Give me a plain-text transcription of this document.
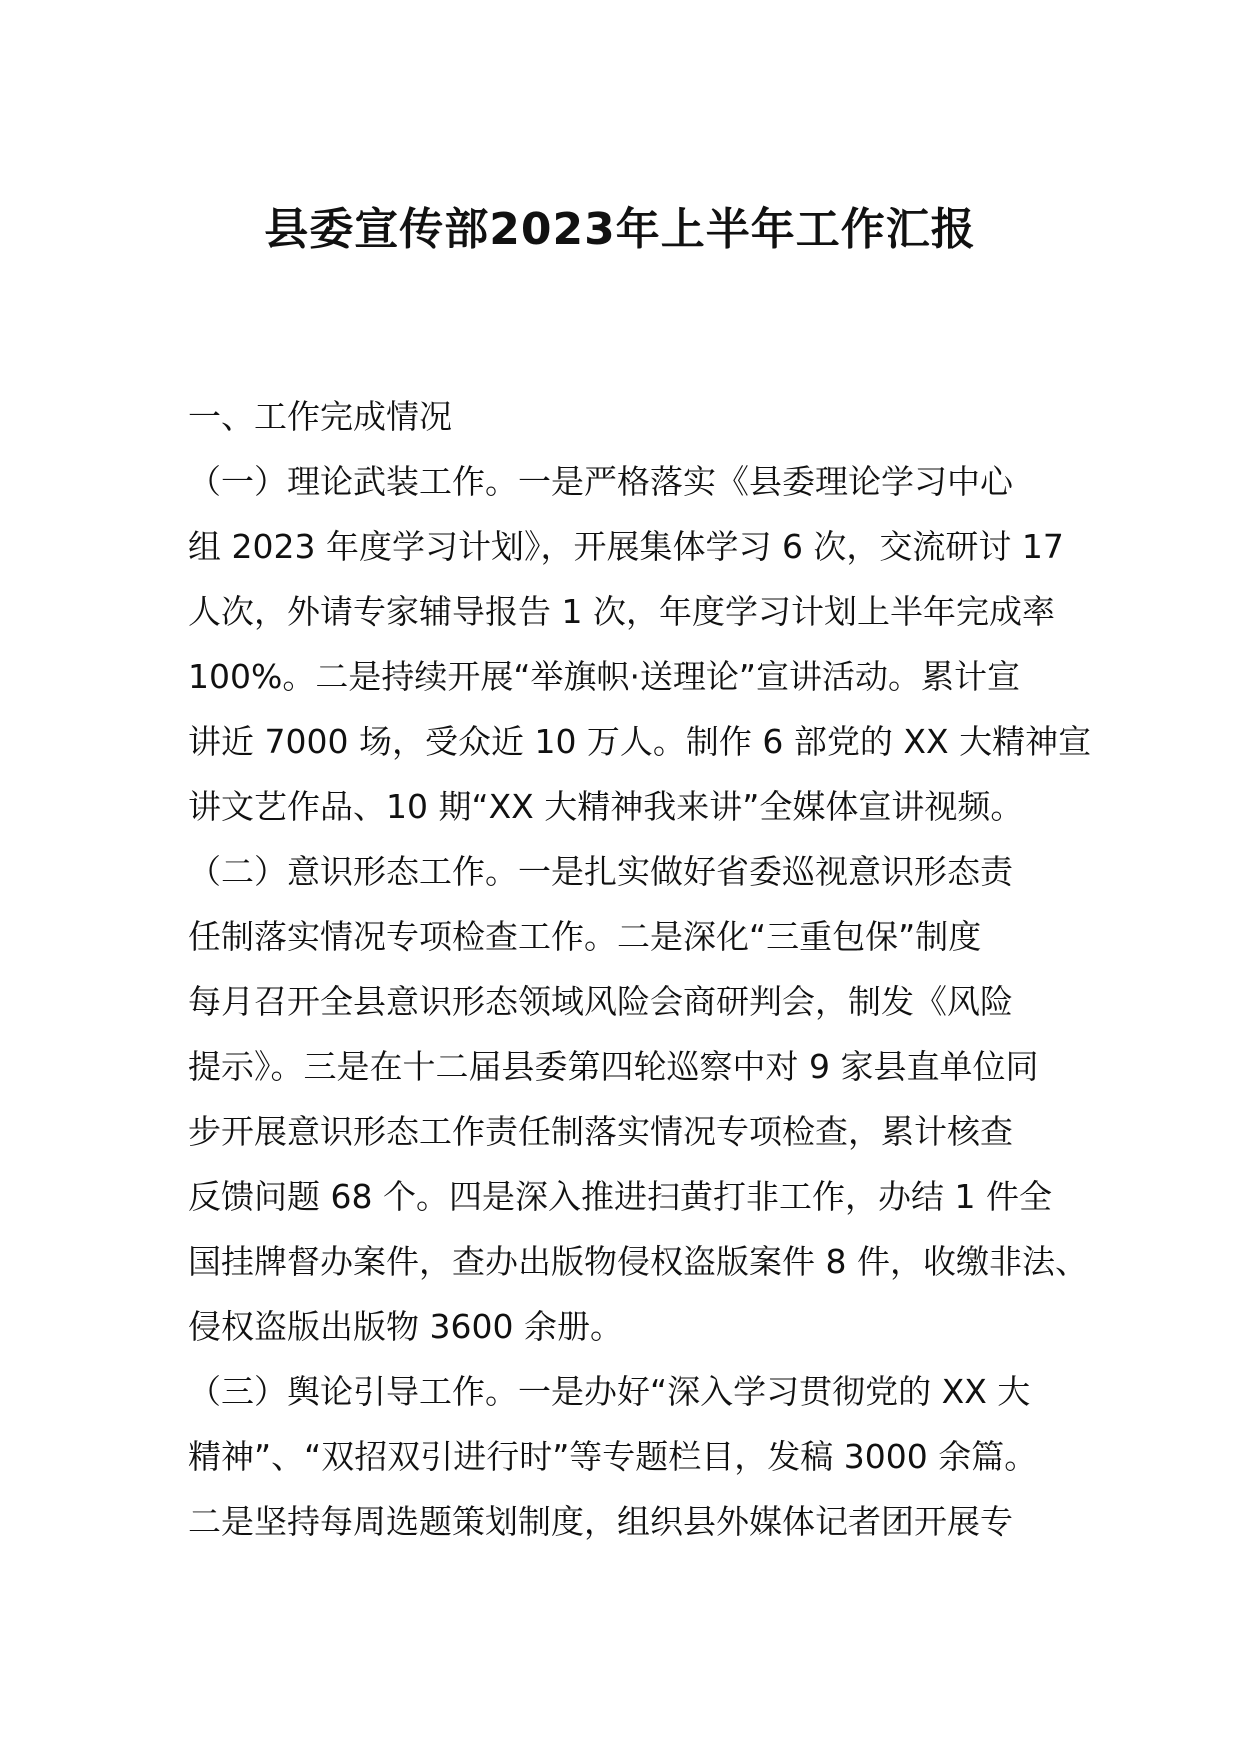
县委宣传部2023年上半年工作汇报
一、工作完成情况
（一）理论武装工作。一是严格落实《县委理论学习中心
组 2023 年度学习计划》，开展集体学习 6 次，交流研讨 17
人次，外请专家辅导报告 1 次，年度学习计划上半年完成率
100%。二是持续开展“举旗帜·送理论”宣讲活动。累计宣
讲近 7000 场，受众近 10 万人。制作 6 部党的 XX 大精神宣
讲文艺作品、10 期“XX 大精神我来讲”全媒体宣讲视频。
（二）意识形态工作。一是扎实做好省委巡视意识形态责
任制落实情况专项检查工作。二是深化“三重包保”制度
每月召开全县意识形态领域风险会商研判会，制发《风险
提示》。三是在十二届县委第四轮巡察中对 9 家县直单位同
步开展意识形态工作责任制落实情况专项检查，累计核查
反馈问题 68 个。四是深入推进扫黄打非工作，办结 1 件全
国挂牌督办案件，查办出版物侵权盗版案件 8 件，收缴非法、
侵权盗版出版物 3600 余册。
（三）舆论引导工作。一是办好“深入学习贯彻党的 XX 大
精神”、“双招双引进行时”等专题栏目，发稿 3000 余篇。
二是坚持每周选题策划制度，组织县外媒体记者团开展专
